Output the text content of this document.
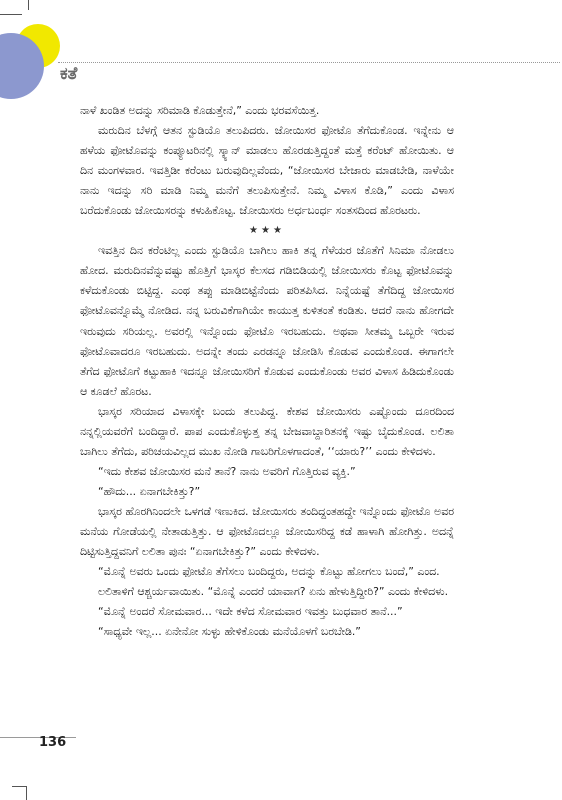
ಕತೆ

ನಾಳೆ ಖಂಡಿತ ಅದನ್ನು ಸರಿಮಾಡಿ ಕೊಡುತ್ತೇನೆ,” ಎಂದು ಭರವಸೆಯಿತ್ತ.

ಮರುದಿನ ಬೆಳಗ್ಗೆ ಆತನ ಸ್ಟುಡಿಯೊ ತಲುಪಿದರು. ಜೋಯಿಸರ ಫೋಟೊ ತೆಗೆದುಕೊಂಡ. ಇನ್ನೇನು ಆ ಹಳೆಯ ಫೋಟೊವನ್ನು ಕಂಪ್ಯೂಟರಿನಲ್ಲಿ ಸ್ಕ್ಯಾನ್ ಮಾಡಲು ಹೊರಡುತ್ತಿದ್ದಂತೆ ಮತ್ತೆ ಕರೆಂಟ್ ಹೋಯಿತು. ಆ ದಿನ ಮಂಗಳವಾರ. ಇವತ್ತಿಡೀ ಕರೆಂಟು ಬರುವುದಿಲ್ಲವೆಂದು, “ಜೋಯಿಸರ ಬೇಜಾರು ಮಾಡಬೇಡಿ, ನಾಳೆಯೇ ನಾನು ಇದನ್ನು ಸರಿ ಮಾಡಿ ನಿಮ್ಮ ಮನೆಗೆ ತಲುಪಿಸುತ್ತೇನೆ. ನಿಮ್ಮ ವಿಳಾಸ ಕೊಡಿ,” ಎಂದು ವಿಳಾಸ ಬರೆದುಕೊಂಡು ಜೋಯಿಸರನ್ನು ಕಳುಹಿಕೊಟ್ಟ. ಜೋಯಿಸರು ಅರ್ಧಬಂರ್ಧ ಸಂತಸದಿಂದ ಹೊರಟರು.

★★★

ಇವತ್ತಿನ ದಿನ ಕರೆಂಟಿಲ್ಲ ಎಂದು ಸ್ಟುಡಿಯೊ ಬಾಗಿಲು ಹಾಕಿ ತನ್ನ ಗೆಳೆಯರ ಜೊತೆಗೆ ಸಿನಿಮಾ ನೋಡಲು ಹೋದ. ಮರುದಿನವೆನ್ನುವಷ್ಟು ಹೊತ್ತಿಗೆ ಭಾಸ್ಕರ ಕೆಲಸದ ಗಡಿಬಿಡಿಯಲ್ಲಿ ಜೋಯಿಸರು ಕೊಟ್ಟ ಫೋಟೊವನ್ನು ಕಳೆದುಕೊಂಡು ಬಿಟ್ಟಿದ್ದ. ಎಂಥ ತಪ್ಪು ಮಾಡಿಬಿಟ್ಟೆನೆಂದು ಪರಿತಪಿಸಿದ. ನಿನ್ನೆಯಷ್ಟೆ ತೆಗೆದಿದ್ದ ಜೋಯಿಸರ ಫೋಟೊವನ್ನೊಮ್ಮೆ ನೋಡಿದ. ನನ್ನ ಬರುವಿಕೆಗಾಗಿಯೇ ಕಾಯುತ್ತ ಕುಳಿತಂತೆ ಕಂಡಿತು. ಆದರೆ ನಾನು ಹೋಗದೇ ಇರುವುದು ಸರಿಯಲ್ಲ. ಅವರಲ್ಲಿ ಇನ್ನೊಂದು ಫೋಟೊ ಇರಬಹುದು. ಅಥವಾ ಸೀತಮ್ಮ ಒಬ್ಬರೇ ಇರುವ ಫೋಟೊವಾದರೂ ಇರಬಹುದು. ಅದನ್ನೇ ತಂದು ಎರಡನ್ನೂ ಜೋಡಿಸಿ ಕೊಡುವ ಎಂದುಕೊಂಡ. ಈಗಾಗಲೇ ತೆಗೆದ ಫೋಟೊಗೆ ಕಟ್ಟುಹಾಕಿ ಇದನ್ನೂ ಜೋಯಿಸರಿಗೆ ಕೊಡುವ ಎಂದುಕೊಂಡು ಅವರ ವಿಳಾಸ ಹಿಡಿದುಕೊಂಡು ಆ ಕೂಡಲೆ ಹೊರಟ.

ಭಾಸ್ಕರ ಸರಿಯಾದ ವಿಳಾಸಕ್ಕೇ ಬಂದು ತಲುಪಿದ್ದ. ಕೇಶವ ಜೋಯಿಸರು ಎಷ್ಟೊಂದು ದೂರದಿಂದ ನನ್ನಲ್ಲಿಯವರೆಗೆ ಬಂದಿದ್ದಾರೆ. ಪಾಪ ಎಂದುಕೊಳ್ಳುತ್ತ ತನ್ನ ಬೇಜವಾಬ್ದಾರಿತನಕ್ಕೆ ಇಷ್ಟು ಬೈದುಕೊಂಡ. ಲಲಿತಾ ಬಾಗಿಲು ತೆಗೆದು, ಪರಿಚಯವಿಲ್ಲದ ಮುಖ ನೋಡಿ ಗಾಬರಿಗೊಳಗಾದಂತೆ, ‘‘ಯಾರು?’’ ಎಂದು ಕೇಳಿದಳು.

“ಇದು ಕೇಶವ ಜೋಯಿಸರ ಮನೆ ತಾನೆ? ನಾನು ಅವರಿಗೆ ಗೊತ್ತಿರುವ ವ್ಯಕ್ತಿ.”

“ಹೌದು... ಏನಾಗಬೇಕಿತ್ತು?”

ಭಾಸ್ಕರ ಹೊರಗಿನಿಂದಲೇ ಒಳಗಡೆ ಇಣುಕಿದ. ಜೋಯಿಸರು ತಂದಿದ್ದಂತಹದ್ದೇ ಇನ್ನೊಂದು ಫೋಟೊ ಅವರ ಮನೆಯ ಗೋಡೆಯಲ್ಲಿ ನೇತಾಡುತ್ತಿತ್ತು. ಆ ಫೋಟೊದಲ್ಲೂ ಜೋಯಿಸರಿದ್ದ ಕಡೆ ಹಾಳಾಗಿ ಹೋಗಿತ್ತು. ಅದನ್ನೆ ದಿಟ್ಟಿಸುತ್ತಿದ್ದವನಿಗೆ ಲಲಿತಾ ಪುನಃ “ಏನಾಗಬೇಕಿತ್ತು?” ಎಂದು ಕೇಳಿದಳು.

“ಮೊನ್ನೆ ಅವರು ಒಂದು ಫೋಟೊ ತೆಗೆಸಲು ಬಂದಿದ್ದರು, ಅದನ್ನು ಕೊಟ್ಟು ಹೋಗಲು ಬಂದೆ,” ಎಂದ.

ಲಲಿತಾಳಿಗೆ ಆಶ್ಚರ್ಯವಾಯಿತು. “ಮೊನ್ನೆ ಎಂದರೆ ಯಾವಾಗ? ಏನು ಹೇಳುತ್ತಿದ್ದೀರಿ?” ಎಂದು ಕೇಳಿದಳು.

“ಮೊನ್ನೆ ಅಂದರೆ ಸೋಮವಾರ... ಇದೇ ಕಳೆದ ಸೋಮವಾರ ಇವತ್ತು ಬುಧವಾರ ತಾನೆ...”

“ಸಾಧ್ಯವೇ ಇಲ್ಲ... ಏನೇನೋ ಸುಳ್ಳು ಹೇಳಿಕೊಂಡು ಮನೆಯೊಳಗೆ ಬರಬೇಡಿ.”

136
